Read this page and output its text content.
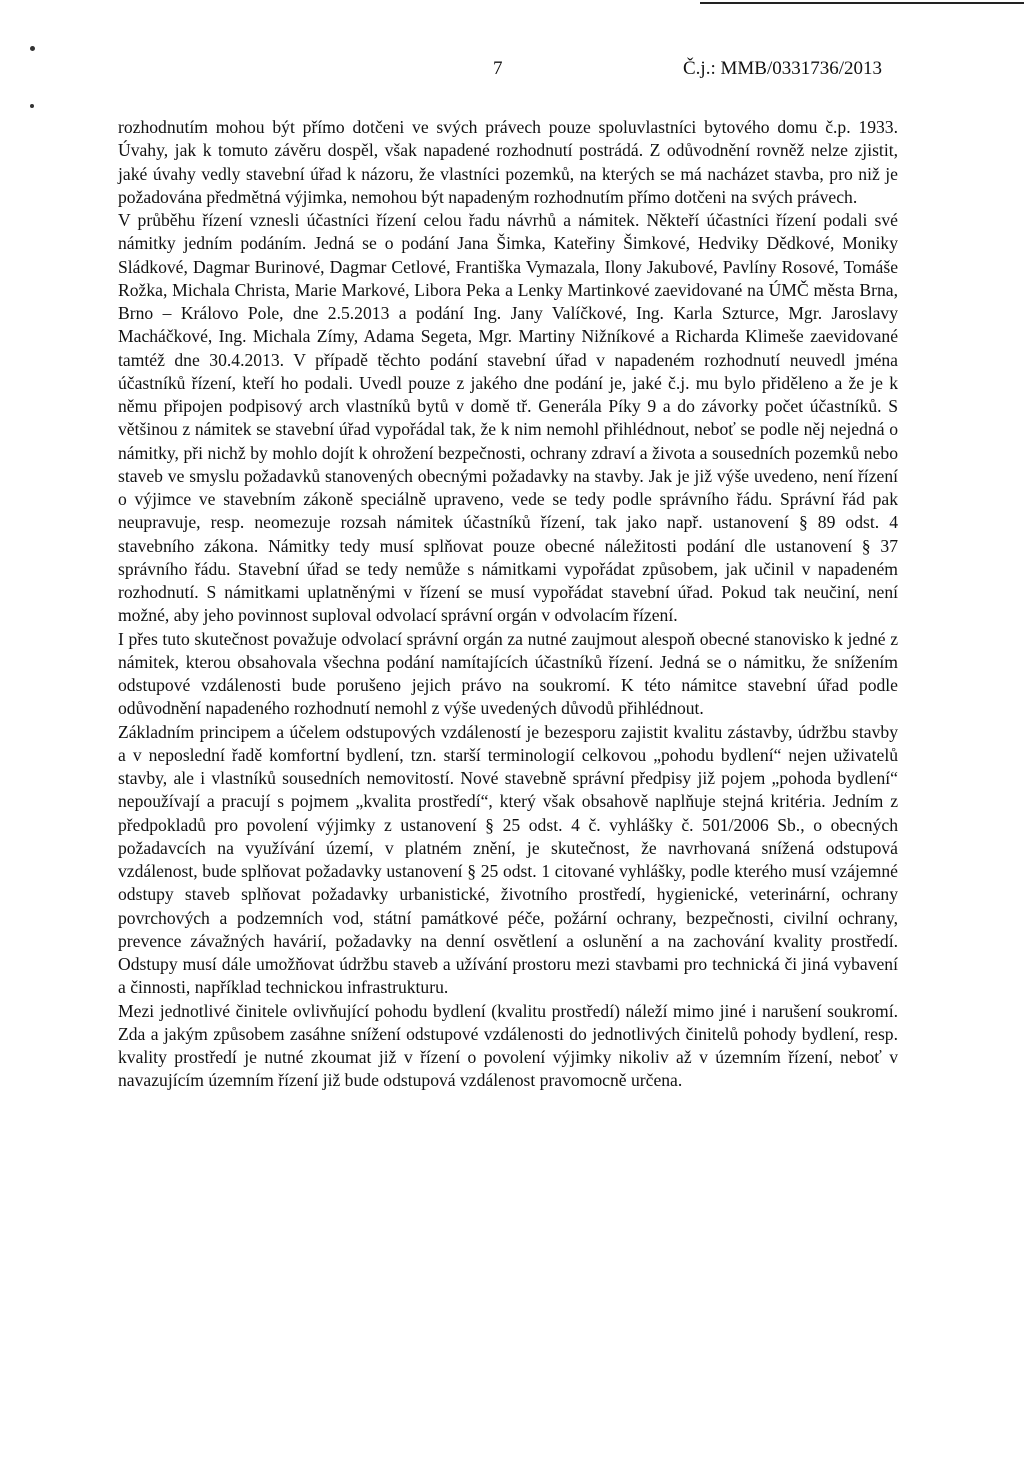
7	Č.j.: MMB/0331736/2013

rozhodnutím mohou být přímo dotčeni ve svých právech pouze spoluvlastníci bytového domu č.p. 1933. Úvahy, jak k tomuto závěru dospěl, však napadené rozhodnutí postrádá. Z odůvodnění rovněž nelze zjistit, jaké úvahy vedly stavební úřad k názoru, že vlastníci pozemků, na kterých se má nacházet stavba, pro niž je požadována předmětná výjimka, nemohou být napadeným rozhodnutím přímo dotčeni na svých právech.

V průběhu řízení vznesli účastníci řízení celou řadu návrhů a námitek. Někteří účastníci řízení podali své námitky jedním podáním. Jedná se o podání Jana Šimka, Kateřiny Šimkové, Hedviky Dědkové, Moniky Sládkové, Dagmar Burinové, Dagmar Cetlové, Františka Vymazala, Ilony Jakubové, Pavlíny Rosové, Tomáše Rožka, Michala Christa, Marie Markové, Libora Peka a Lenky Martinkové zaevidované na ÚMČ města Brna, Brno – Královo Pole, dne 2.5.2013 a podání Ing. Jany Valíčkové, Ing. Karla Szturce, Mgr. Jaroslavy Macháčkové, Ing. Michala Zímy, Adama Segeta, Mgr. Martiny Nižníkové a Richarda Klimeše zaevidované tamtéž dne 30.4.2013. V případě těchto podání stavební úřad v napadeném rozhodnutí neuvedl jména účastníků řízení, kteří ho podali. Uvedl pouze z jakého dne podání je, jaké č.j. mu bylo přiděleno a že je k němu připojen podpisový arch vlastníků bytů v domě tř. Generála Píky 9 a do závorky počet účastníků. S většinou z námitek se stavební úřad vypořádal tak, že k nim nemohl přihlédnout, neboť se podle něj nejedná o námitky, při nichž by mohlo dojít k ohrožení bezpečnosti, ochrany zdraví a života a sousedních pozemků nebo staveb ve smyslu požadavků stanovených obecnými požadavky na stavby. Jak je již výše uvedeno, není řízení o výjimce ve stavebním zákoně speciálně upraveno, vede se tedy podle správního řádu. Správní řád pak neupravuje, resp. neomezuje rozsah námitek účastníků řízení, tak jako např. ustanovení § 89 odst. 4 stavebního zákona. Námitky tedy musí splňovat pouze obecné náležitosti podání dle ustanovení § 37 správního řádu. Stavební úřad se tedy nemůže s námitkami vypořádat způsobem, jak učinil v napadeném rozhodnutí. S námitkami uplatněnými v řízení se musí vypořádat stavební úřad. Pokud tak neučiní, není možné, aby jeho povinnost suploval odvolací správní orgán v odvolacím řízení.

I přes tuto skutečnost považuje odvolací správní orgán za nutné zaujmout alespoň obecné stanovisko k jedné z námitek, kterou obsahovala všechna podání namítajících účastníků řízení. Jedná se o námitku, že snížením odstupové vzdálenosti bude porušeno jejich právo na soukromí. K této námitce stavební úřad podle odůvodnění napadeného rozhodnutí nemohl z výše uvedených důvodů přihlédnout.

Základním principem a účelem odstupových vzdáleností je bezesporu zajistit kvalitu zástavby, údržbu stavby a v neposlední řadě komfortní bydlení, tzn. starší terminologií celkovou „pohodu bydlení“ nejen uživatelů stavby, ale i vlastníků sousedních nemovitostí. Nové stavebně správní předpisy již pojem „pohoda bydlení“ nepoužívají a pracují s pojmem „kvalita prostředí“, který však obsahově naplňuje stejná kritéria. Jedním z předpokladů pro povolení výjimky z ustanovení § 25 odst. 4 č. vyhlášky č. 501/2006 Sb., o obecných požadavcích na využívání území, v platném znění, je skutečnost, že navrhovaná snížená odstupová vzdálenost, bude splňovat požadavky ustanovení § 25 odst. 1 citované vyhlášky, podle kterého musí vzájemné odstupy staveb splňovat požadavky urbanistické, životního prostředí, hygienické, veterinární, ochrany povrchových a podzemních vod, státní památkové péče, požární ochrany, bezpečnosti, civilní ochrany, prevence závažných havárií, požadavky na denní osvětlení a oslunění a na zachování kvality prostředí. Odstupy musí dále umožňovat údržbu staveb a užívání prostoru mezi stavbami pro technická či jiná vybavení a činnosti, například technickou infrastrukturu.

Mezi jednotlivé činitele ovlivňující pohodu bydlení (kvalitu prostředí) náleží mimo jiné i narušení soukromí. Zda a jakým způsobem zasáhne snížení odstupové vzdálenosti do jednotlivých činitelů pohody bydlení, resp. kvality prostředí je nutné zkoumat již v řízení o povolení výjimky nikoliv až v územním řízení, neboť v navazujícím územním řízení již bude odstupová vzdálenost pravomocně určena.
